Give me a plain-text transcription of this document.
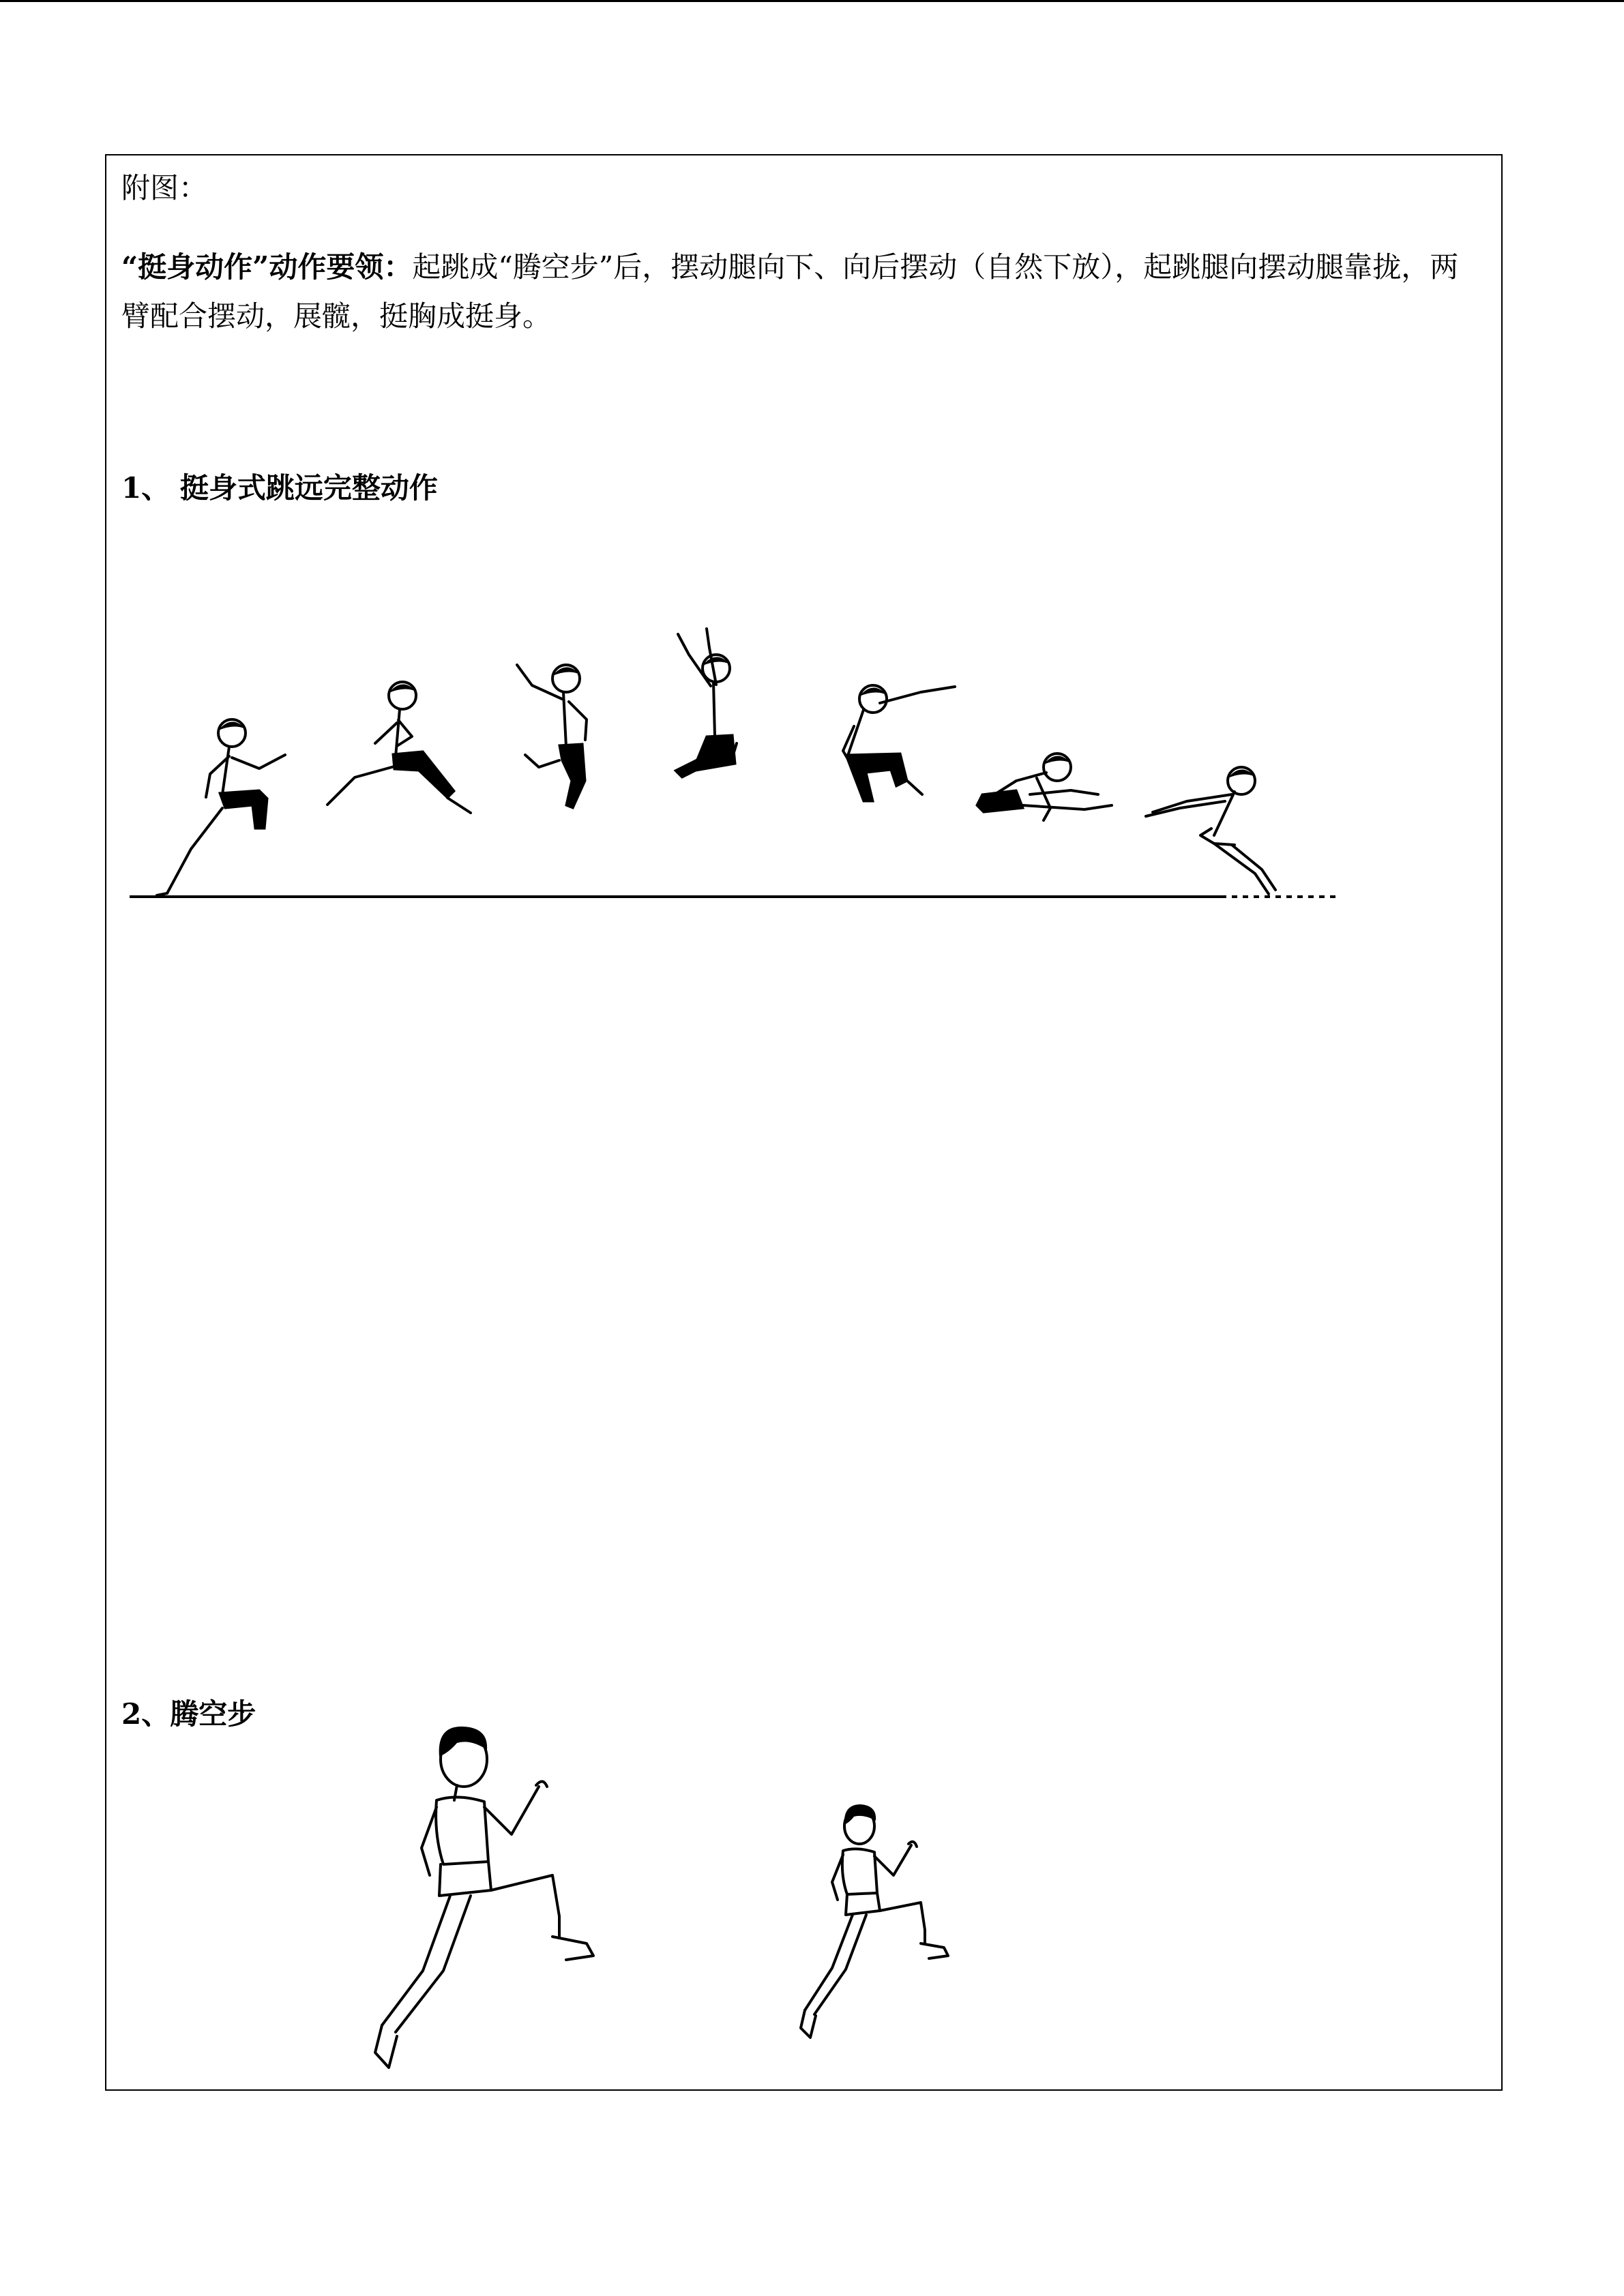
附图：
“挺身动作”动作要领：起跳成“腾空步”后，摆动腿向下、向后摆动（自然下放），起跳腿向摆动腿靠拢，两臂配合摆动，展髋，挺胸成挺身。
1、 挺身式跳远完整动作
2、腾空步
